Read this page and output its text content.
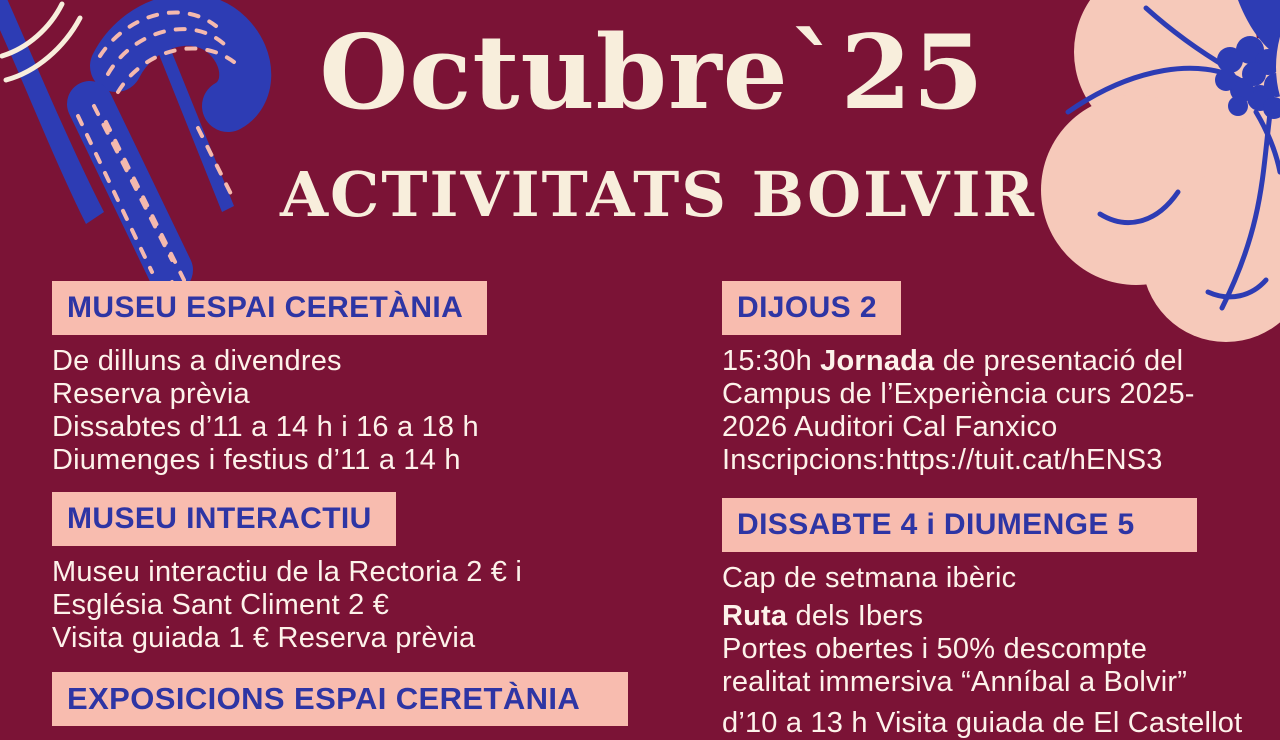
Octubre`25
ACTIVITATS BOLVIR
MUSEU ESPAI CERETÀNIA
De dilluns a divendres
Reserva prèvia
Dissabtes d’11 a 14 h i 16 a 18 h
Diumenges i festius d’11 a 14 h
MUSEU INTERACTIU
Museu interactiu de la Rectoria 2 € i
Església Sant Climent 2 €
Visita guiada 1 € Reserva prèvia
EXPOSICIONS ESPAI CERETÀNIA
DIJOUS 2
15:30h Jornada de presentació del
Campus de l’Experiència curs 2025-
2026 Auditori Cal Fanxico
Inscripcions:https://tuit.cat/hENS3
DISSABTE 4 i DIUMENGE 5
Cap de setmana ibèric
Ruta dels Ibers
Portes obertes i 50% descompte
realitat immersiva “Anníbal a Bolvir”
d’10 a 13 h Visita guiada de El Castellot
